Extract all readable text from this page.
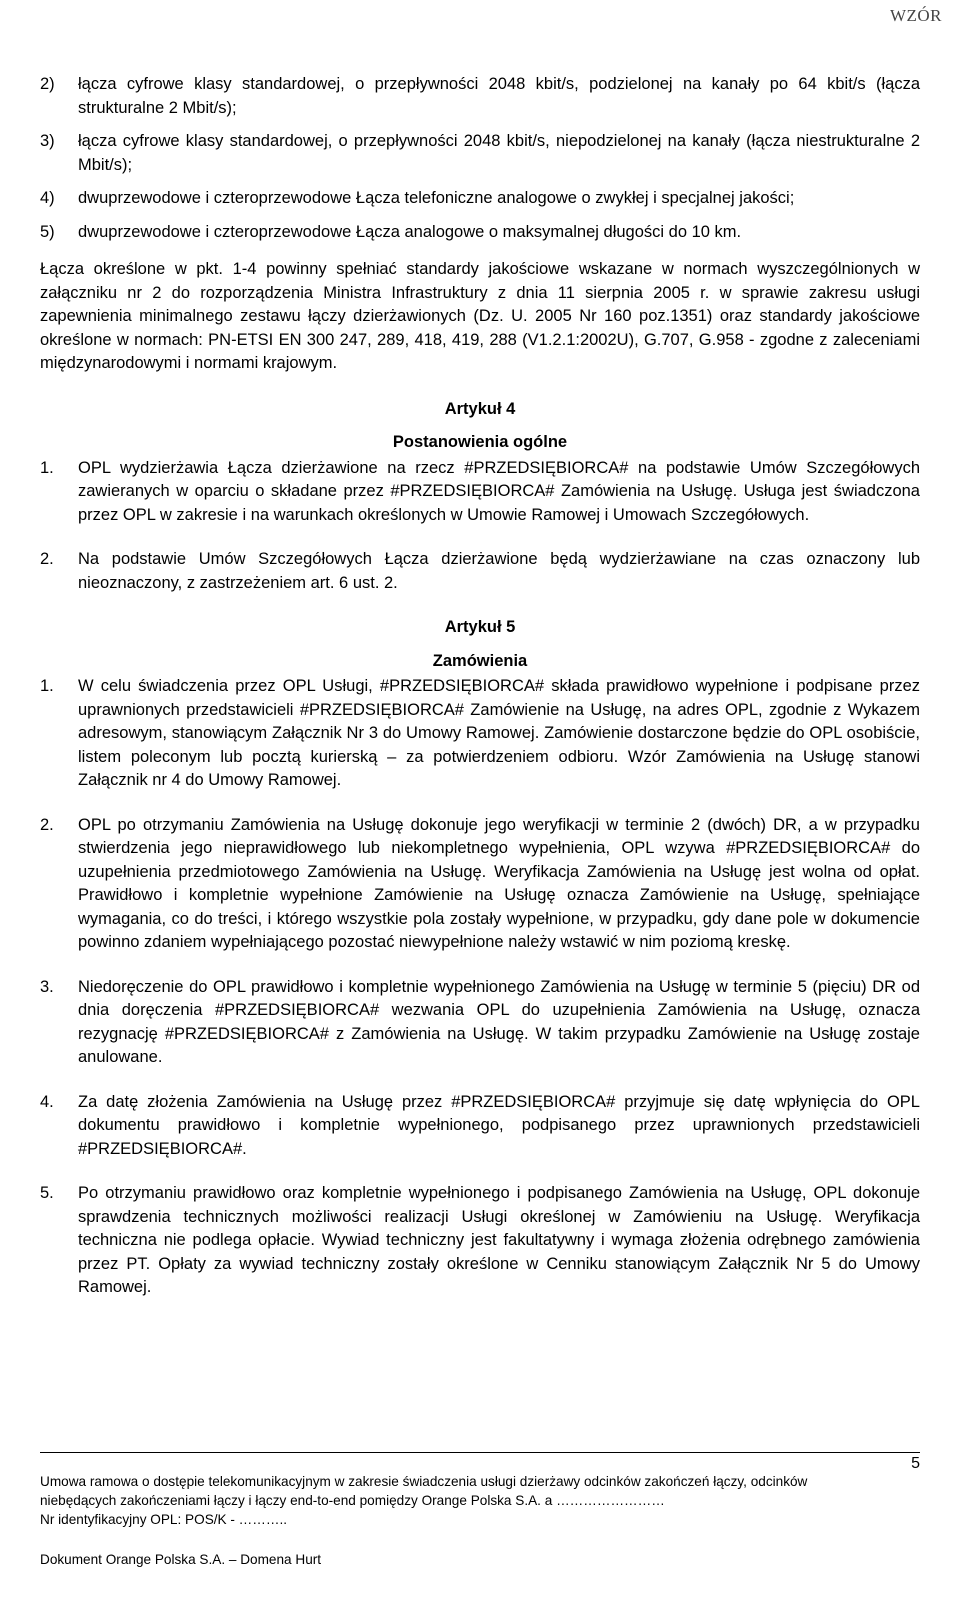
WZÓR
2) łącza cyfrowe klasy standardowej, o przepływności 2048 kbit/s, podzielonej na kanały po 64 kbit/s (łącza strukturalne 2 Mbit/s);
3) łącza cyfrowe klasy standardowej, o przepływności 2048 kbit/s, niepodzielonej na kanały (łącza niestrukturalne 2 Mbit/s);
4) dwuprzewodowe i czteroprzewodowe Łącza telefoniczne analogowe o zwykłej i specjalnej jakości;
5) dwuprzewodowe i czteroprzewodowe Łącza analogowe o maksymalnej długości do 10 km.

Łącza określone w pkt. 1-4 powinny spełniać standardy jakościowe wskazane w normach wyszczególnionych w załączniku nr 2 do rozporządzenia Ministra Infrastruktury z dnia 11 sierpnia 2005 r. w sprawie zakresu usługi zapewnienia minimalnego zestawu łączy dzierżawionych (Dz. U. 2005 Nr 160 poz.1351) oraz standardy jakościowe określone w normach: PN-ETSI EN 300 247, 289, 418, 419, 288 (V1.2.1:2002U), G.707, G.958 - zgodne z zaleceniami międzynarodowymi i normami krajowym.

Artykuł 4

Postanowienia ogólne

1. OPL wydzierżawia Łącza dzierżawione na rzecz #PRZEDSIĘBIORCA# na podstawie Umów Szczegółowych zawieranych w oparciu o składane przez #PRZEDSIĘBIORCA# Zamówienia na Usługę. Usługa jest świadczona przez OPL w zakresie i na warunkach określonych w Umowie Ramowej i Umowach Szczegółowych.
2. Na podstawie Umów Szczegółowych Łącza dzierżawione będą wydzierżawiane na czas oznaczony lub nieoznaczony, z zastrzeżeniem art. 6 ust. 2.

Artykuł 5

Zamówienia

1. W celu świadczenia przez OPL Usługi, #PRZEDSIĘBIORCA# składa prawidłowo wypełnione i podpisane przez uprawnionych przedstawicieli #PRZEDSIĘBIORCA# Zamówienie na Usługę, na adres OPL, zgodnie z Wykazem adresowym, stanowiącym Załącznik Nr 3 do Umowy Ramowej. Zamówienie dostarczone będzie do OPL osobiście, listem poleconym lub pocztą kurierską – za potwierdzeniem odbioru. Wzór Zamówienia na Usługę stanowi Załącznik nr 4 do Umowy Ramowej.
2. OPL po otrzymaniu Zamówienia na Usługę dokonuje jego weryfikacji w terminie 2 (dwóch) DR, a w przypadku stwierdzenia jego nieprawidłowego lub niekompletnego wypełnienia, OPL wzywa #PRZEDSIĘBIORCA# do uzupełnienia przedmiotowego Zamówienia na Usługę. Weryfikacja Zamówienia na Usługę jest wolna od opłat. Prawidłowo i kompletnie wypełnione Zamówienie na Usługę oznacza Zamówienie na Usługę, spełniające wymagania, co do treści, i którego wszystkie pola zostały wypełnione, w przypadku, gdy dane pole w dokumencie powinno zdaniem wypełniającego pozostać niewypełnione należy wstawić w nim poziomą kreskę.
3. Niedoręczenie do OPL prawidłowo i kompletnie wypełnionego Zamówienia na Usługę w terminie 5 (pięciu) DR od dnia doręczenia #PRZEDSIĘBIORCA# wezwania OPL do uzupełnienia Zamówienia na Usługę, oznacza rezygnację #PRZEDSIĘBIORCA# z Zamówienia na Usługę. W takim przypadku Zamówienie na Usługę zostaje anulowane.
4. Za datę złożenia Zamówienia na Usługę przez #PRZEDSIĘBIORCA# przyjmuje się datę wpłynięcia do OPL dokumentu prawidłowo i kompletnie wypełnionego, podpisanego przez uprawnionych przedstawicieli #PRZEDSIĘBIORCA#.
5. Po otrzymaniu prawidłowo oraz kompletnie wypełnionego i podpisanego Zamówienia na Usługę, OPL dokonuje sprawdzenia technicznych możliwości realizacji Usługi określonej w Zamówieniu na Usługę. Weryfikacja techniczna nie podlega opłacie. Wywiad techniczny jest fakultatywny i wymaga złożenia odrębnego zamówienia przez PT. Opłaty za wywiad techniczny zostały określone w Cenniku stanowiącym Załącznik Nr 5 do Umowy Ramowej.
5
Umowa ramowa o dostępie telekomunikacyjnym w zakresie świadczenia usługi dzierżawy odcinków zakończeń łączy, odcinków
niebędących zakończeniami łączy i łączy end-to-end pomiędzy Orange Polska S.A. a ……………………
Nr identyfikacyjny OPL: POS/K - ………..
Dokument Orange Polska S.A. – Domena Hurt
